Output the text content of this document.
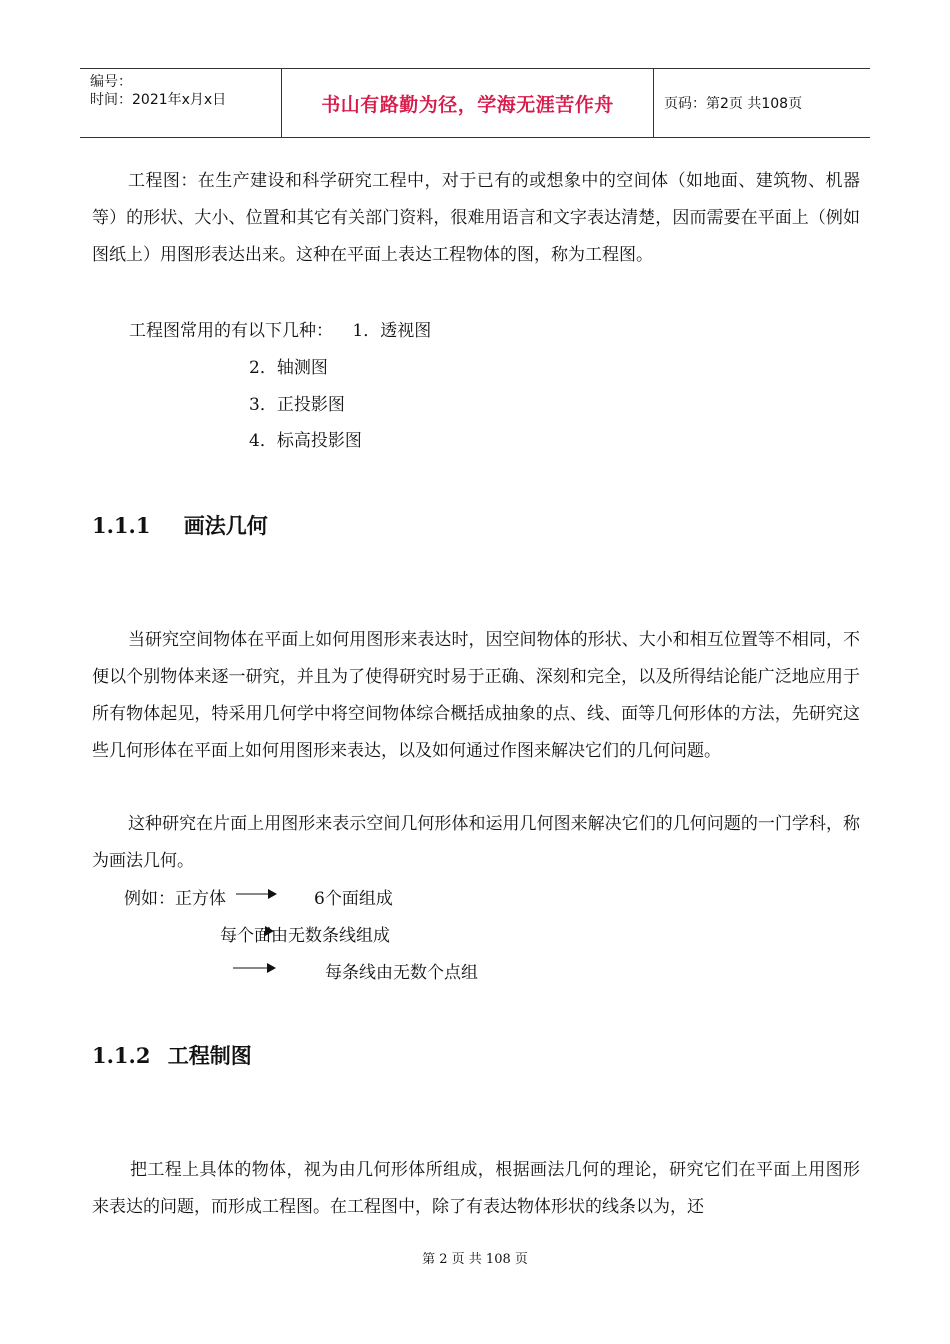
编号：
时间：2021年x月x日	书山有路勤为径，学海无涯苦作舟	页码：第2页 共108页
工程图：在生产建设和科学研究工程中，对于已有的或想象中的空间体（如地面、建筑物、机器等）的形状、大小、位置和其它有关部门资料，很难用语言和文字表达清楚，因而需要在平面上（例如图纸上）用图形表达出来。这种在平面上表达工程物体的图，称为工程图。
工程图常用的有以下几种： 1．透视图
2．轴测图
3．正投影图
4．标高投影图
1.1.1 画法几何
当研究空间物体在平面上如何用图形来表达时，因空间物体的形状、大小和相互位置等不相同，不便以个别物体来逐一研究，并且为了使得研究时易于正确、深刻和完全，以及所得结论能广泛地应用于所有物体起见，特采用几何学中将空间物体综合概括成抽象的点、线、面等几何形体的方法，先研究这些几何形体在平面上如何用图形来表达，以及如何通过作图来解决它们的几何问题。
这种研究在片面上用图形来表示空间几何形体和运用几何图来解决它们的几何问题的一门学科，称为画法几何。
例如：正方体	6个面组成
每个面由无数条线组成
每条线由无数个点组
1.1.2 工程制图
把工程上具体的物体，视为由几何形体所组成，根据画法几何的理论，研究它们在平面上用图形来表达的问题，而形成工程图。在工程图中，除了有表达物体形状的线条以为，还
第 2 页 共 108 页
